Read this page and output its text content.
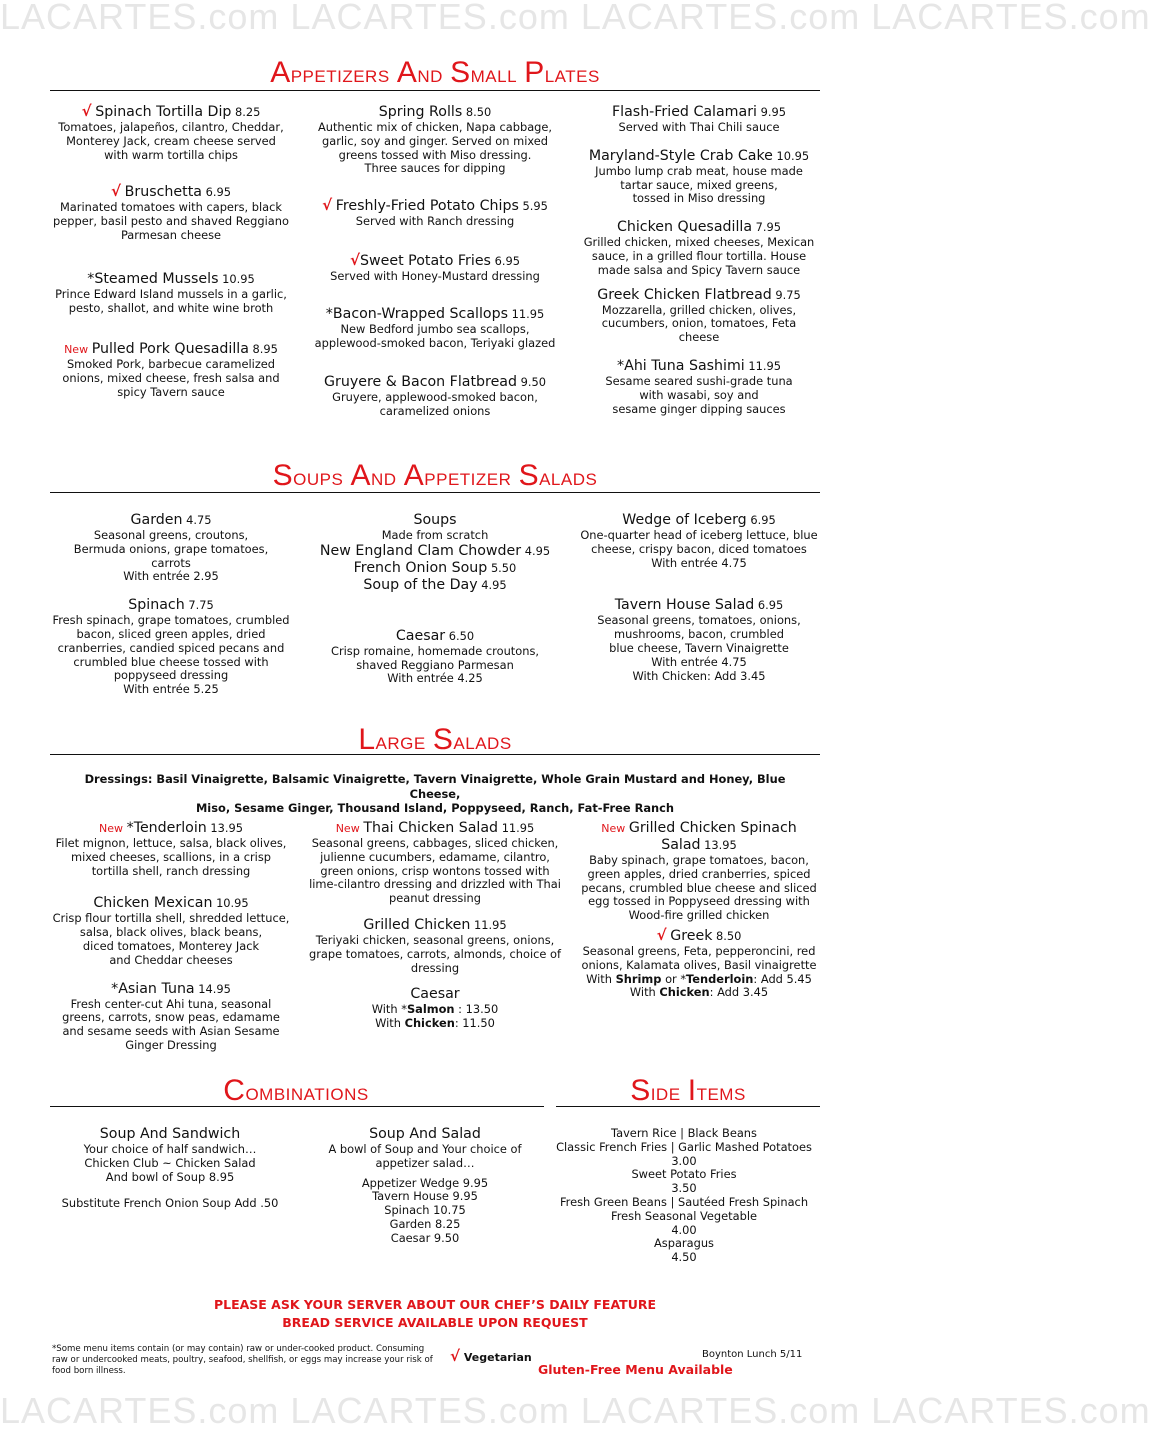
LACARTES.com LACARTES.com LACARTES.com LACARTES.com
LACARTES.com LACARTES.com LACARTES.com LACARTES.com
Appetizers And Small Plates
√ Spinach Tortilla Dip 8.25
Tomatoes, jalapeños, cilantro, Cheddar,
Monterey Jack, cream cheese served
with warm tortilla chips
√ Bruschetta 6.95
Marinated tomatoes with capers, black
pepper, basil pesto and shaved Reggiano
Parmesan cheese
*Steamed Mussels 10.95
Prince Edward Island mussels in a garlic,
pesto, shallot, and white wine broth
New Pulled Pork Quesadilla 8.95
Smoked Pork, barbecue caramelized
onions, mixed cheese, fresh salsa and
spicy Tavern sauce
Spring Rolls 8.50
Authentic mix of chicken, Napa cabbage,
garlic, soy and ginger. Served on mixed
greens tossed with Miso dressing.
Three sauces for dipping
√ Freshly-Fried Potato Chips 5.95
Served with Ranch dressing
√Sweet Potato Fries 6.95
Served with Honey-Mustard dressing
*Bacon-Wrapped Scallops 11.95
New Bedford jumbo sea scallops,
applewood-smoked bacon, Teriyaki glazed
Gruyere & Bacon Flatbread 9.50
Gruyere, applewood-smoked bacon,
caramelized onions
Flash-Fried Calamari 9.95
Served with Thai Chili sauce
Maryland-Style Crab Cake 10.95
Jumbo lump crab meat, house made
tartar sauce, mixed greens,
tossed in Miso dressing
Chicken Quesadilla 7.95
Grilled chicken, mixed cheeses, Mexican
sauce, in a grilled flour tortilla. House
made salsa and Spicy Tavern sauce
Greek Chicken Flatbread 9.75
Mozzarella, grilled chicken, olives,
cucumbers, onion, tomatoes, Feta
cheese
*Ahi Tuna Sashimi 11.95
Sesame seared sushi-grade tuna
with wasabi, soy and
sesame ginger dipping sauces
Soups And Appetizer Salads
Garden 4.75
Seasonal greens, croutons,
Bermuda onions, grape tomatoes,
carrots
With entrée 2.95
Spinach 7.75
Fresh spinach, grape tomatoes, crumbled
bacon, sliced green apples, dried
cranberries, candied spiced pecans and
crumbled blue cheese tossed with
poppyseed dressing
With entrée 5.25
Soups
Made from scratch
New England Clam Chowder 4.95
French Onion Soup 5.50
Soup of the Day 4.95
Caesar 6.50
Crisp romaine, homemade croutons,
shaved Reggiano Parmesan
With entrée 4.25
Wedge of Iceberg 6.95
One-quarter head of iceberg lettuce, blue
cheese, crispy bacon, diced tomatoes
With entrée 4.75
Tavern House Salad 6.95
Seasonal greens, tomatoes, onions,
mushrooms, bacon, crumbled
blue cheese, Tavern Vinaigrette
With entrée 4.75
With Chicken: Add 3.45
Large Salads
Dressings: Basil Vinaigrette, Balsamic Vinaigrette, Tavern Vinaigrette, Whole Grain Mustard and Honey, Blue Cheese,
Miso, Sesame Ginger, Thousand Island, Poppyseed, Ranch, Fat-Free Ranch
New *Tenderloin 13.95
Filet mignon, lettuce, salsa, black olives,
mixed cheeses, scallions, in a crisp
tortilla shell, ranch dressing
Chicken Mexican 10.95
Crisp flour tortilla shell, shredded lettuce,
salsa, black olives, black beans,
diced tomatoes, Monterey Jack
and Cheddar cheeses
*Asian Tuna 14.95
Fresh center-cut Ahi tuna, seasonal
greens, carrots, snow peas, edamame
and sesame seeds with Asian Sesame
Ginger Dressing
New Thai Chicken Salad 11.95
Seasonal greens, cabbages, sliced chicken,
julienne cucumbers, edamame, cilantro,
green onions, crisp wontons tossed with
lime-cilantro dressing and drizzled with Thai
peanut dressing
Grilled Chicken 11.95
Teriyaki chicken, seasonal greens, onions,
grape tomatoes, carrots, almonds, choice of
dressing
Caesar
With *Salmon : 13.50
With Chicken: 11.50
New Grilled Chicken Spinach
Salad 13.95
Baby spinach, grape tomatoes, bacon,
green apples, dried cranberries, spiced
pecans, crumbled blue cheese and sliced
egg tossed in Poppyseed dressing with
Wood-fire grilled chicken
√ Greek 8.50
Seasonal greens, Feta, pepperoncini, red
onions, Kalamata olives, Basil vinaigrette
With Shrimp or *Tenderloin: Add 5.45
With Chicken: Add 3.45
Combinations	Side Items
Soup And Sandwich
Your choice of half sandwich…
Chicken Club ~ Chicken Salad
And bowl of Soup 8.95
Substitute French Onion Soup Add .50
Soup And Salad
A bowl of Soup and Your choice of
appetizer salad…
Appetizer Wedge 9.95
Tavern House 9.95
Spinach 10.75
Garden 8.25
Caesar 9.50
Tavern Rice | Black Beans
Classic French Fries | Garlic Mashed Potatoes
3.00
Sweet Potato Fries
3.50
Fresh Green Beans | Sautéed Fresh Spinach
Fresh Seasonal Vegetable
4.00
Asparagus
4.50
PLEASE ASK YOUR SERVER ABOUT OUR CHEF’S DAILY FEATURE
BREAD SERVICE AVAILABLE UPON REQUEST
*Some menu items contain (or may contain) raw or under-cooked product. Consuming
raw or undercooked meats, poultry, seafood, shellfish, or eggs may increase your risk of
food born illness.
√ Vegetarian	Boynton Lunch 5/11
Gluten-Free Menu Available
